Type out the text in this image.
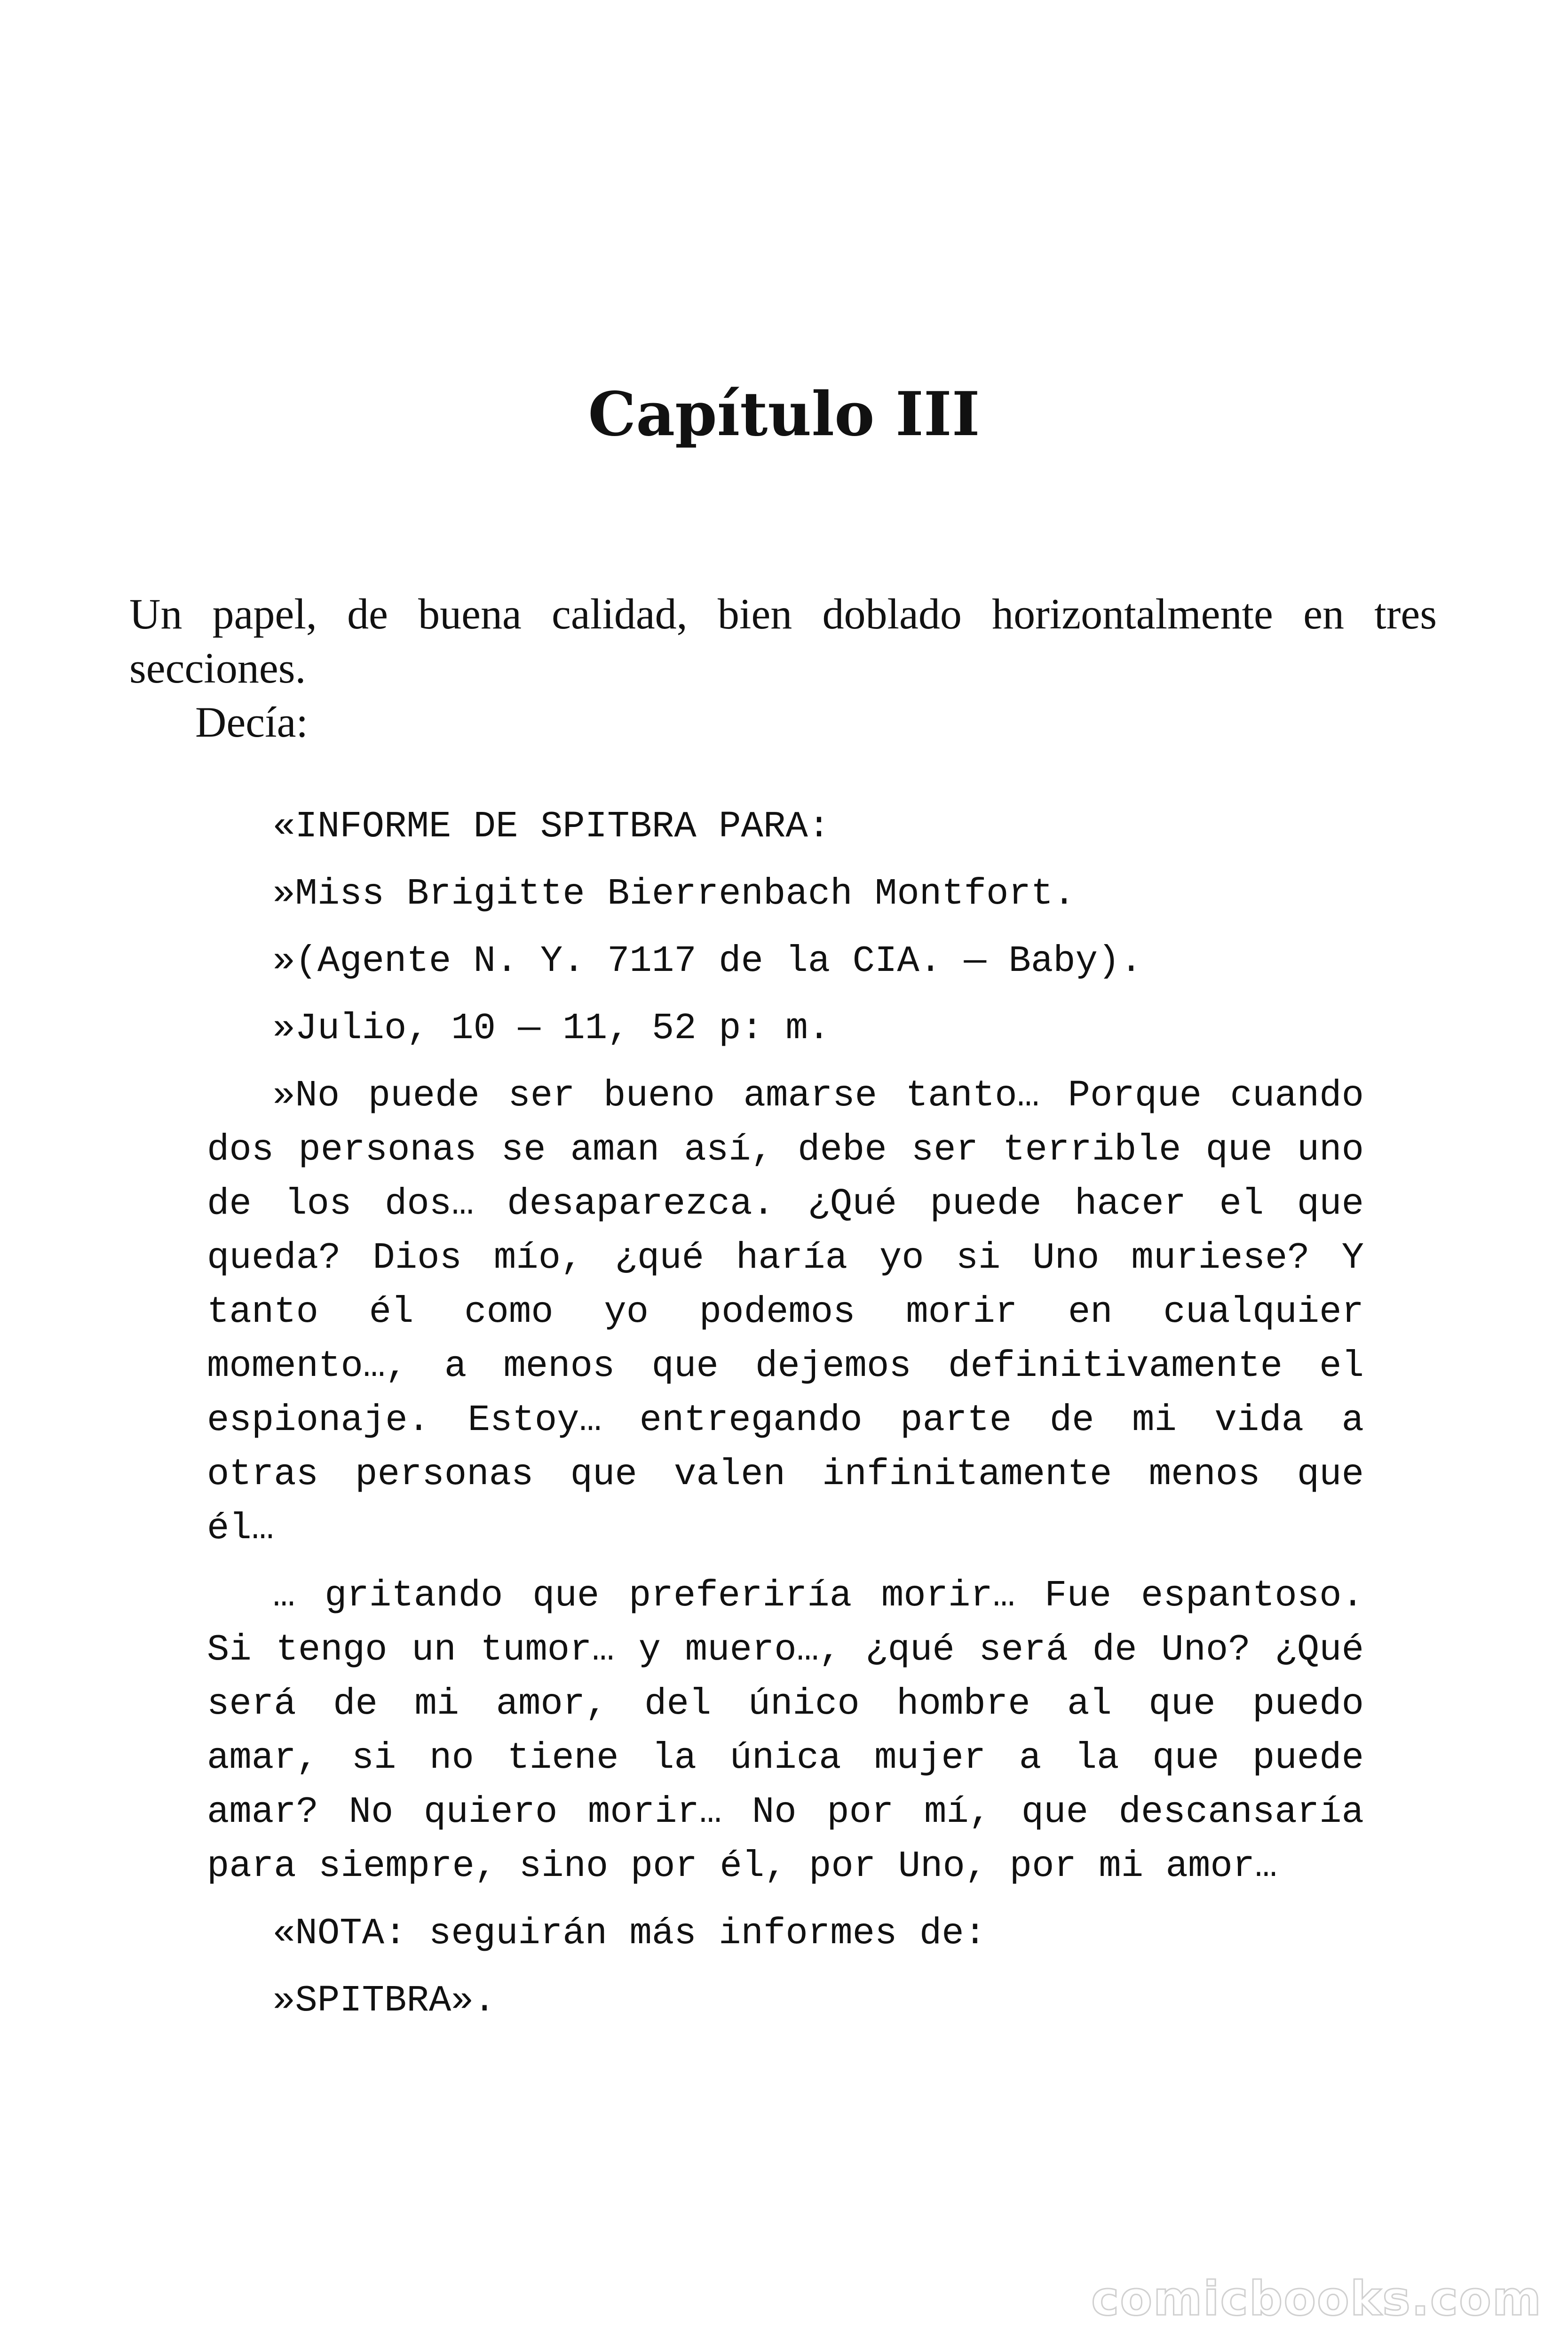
Capítulo III

Un papel, de buena calidad, bien doblado horizontalmente en tres secciones.

Decía:

«INFORME DE SPITBRA PARA:

»Miss Brigitte Bierrenbach Montfort.

»(Agente N. Y. 7117 de la CIA. — Baby).

»Julio, 10 — 11, 52 p: m.

»No puede ser bueno amarse tanto… Porque cuando dos personas se aman así, debe ser terrible que uno de los dos… desaparezca. ¿Qué puede hacer el que queda? Dios mío, ¿qué haría yo si Uno muriese? Y tanto él como yo podemos morir en cualquier momento…, a menos que dejemos definitivamente el espionaje. Estoy… entregando parte de mi vida a otras personas que valen infinitamente menos que él…

… gritando que preferiría morir… Fue espantoso. Si tengo un tumor… y muero…, ¿qué será de Uno? ¿Qué será de mi amor, del único hombre al que puedo amar, si no tiene la única mujer a la que puede amar? No quiero morir… No por mí, que descansaría para siempre, sino por él, por Uno, por mi amor…

«NOTA: seguirán más informes de:

»SPITBRA».

comicbooks.com
